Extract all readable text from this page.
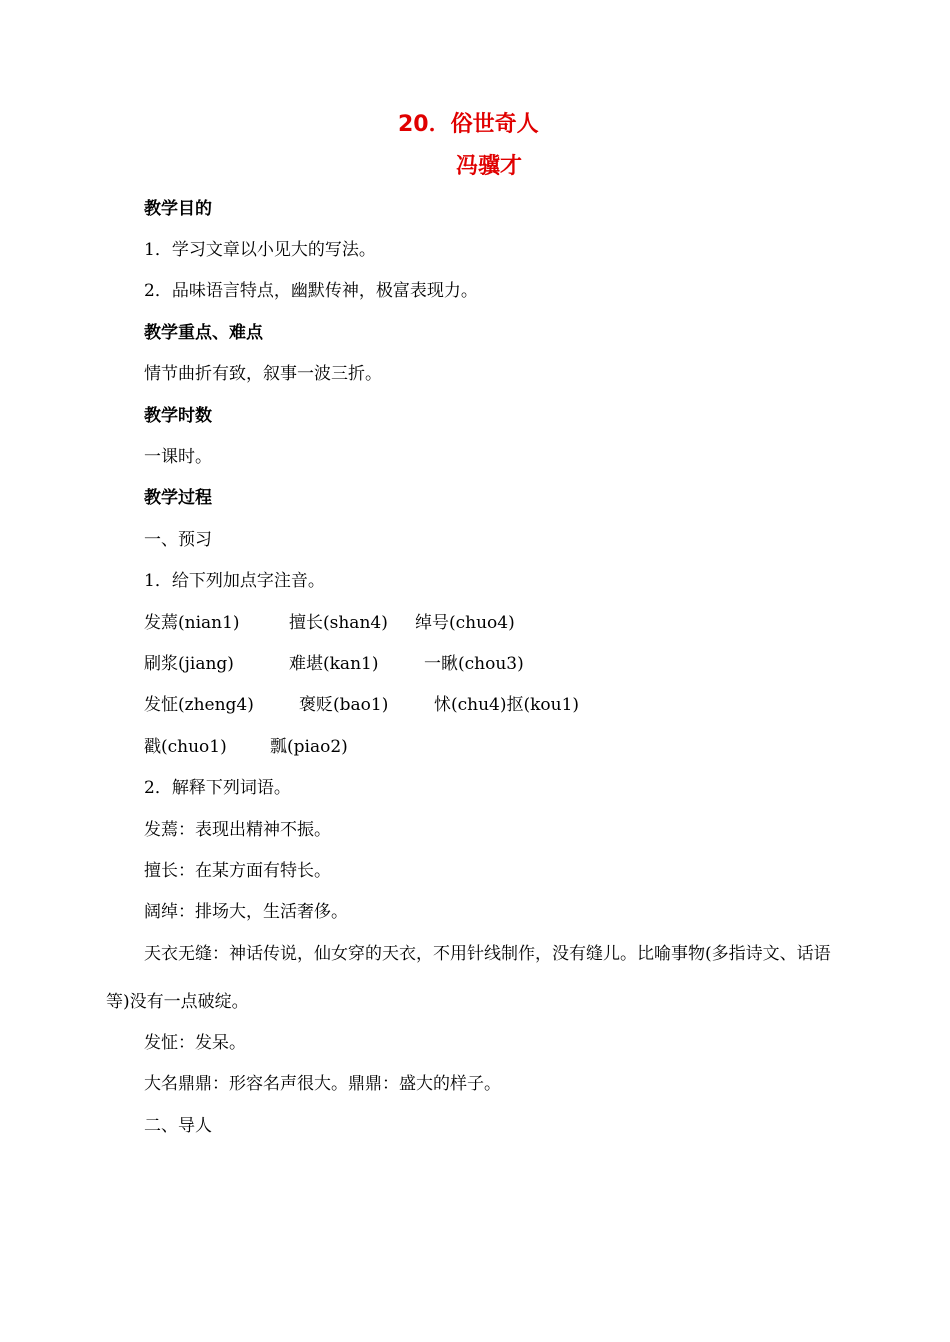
20．俗世奇人
冯骥才
教学目的
1．学习文章以小见大的写法。
2．品味语言特点，幽默传神，极富表现力。
教学重点、难点
情节曲折有致，叙事一波三折。
教学时数
一课时。
教学过程
一、预习
1．给下列加点字注音。
发蔫(nian1)	擅长(shan4) 绰号(chuo4)
刷浆(jiang)	难堪(kan1)	一瞅(chou3)
发怔(zheng4)	褒贬(bao1)	怵(chu4)抠(kou1)
戳(chuo1)	瓢(piao2)
2．解释下列词语。
发蔫：表现出精神不振。
擅长：在某方面有特长。
阔绰：排场大，生活奢侈。

天衣无缝：神话传说，仙女穿的天衣，不用针线制作，没有缝儿。比喻事物(多指诗文、话语等)没有一点破绽。

发怔：发呆。
大名鼎鼎：形容名声很大。鼎鼎：盛大的样子。
二、导人
